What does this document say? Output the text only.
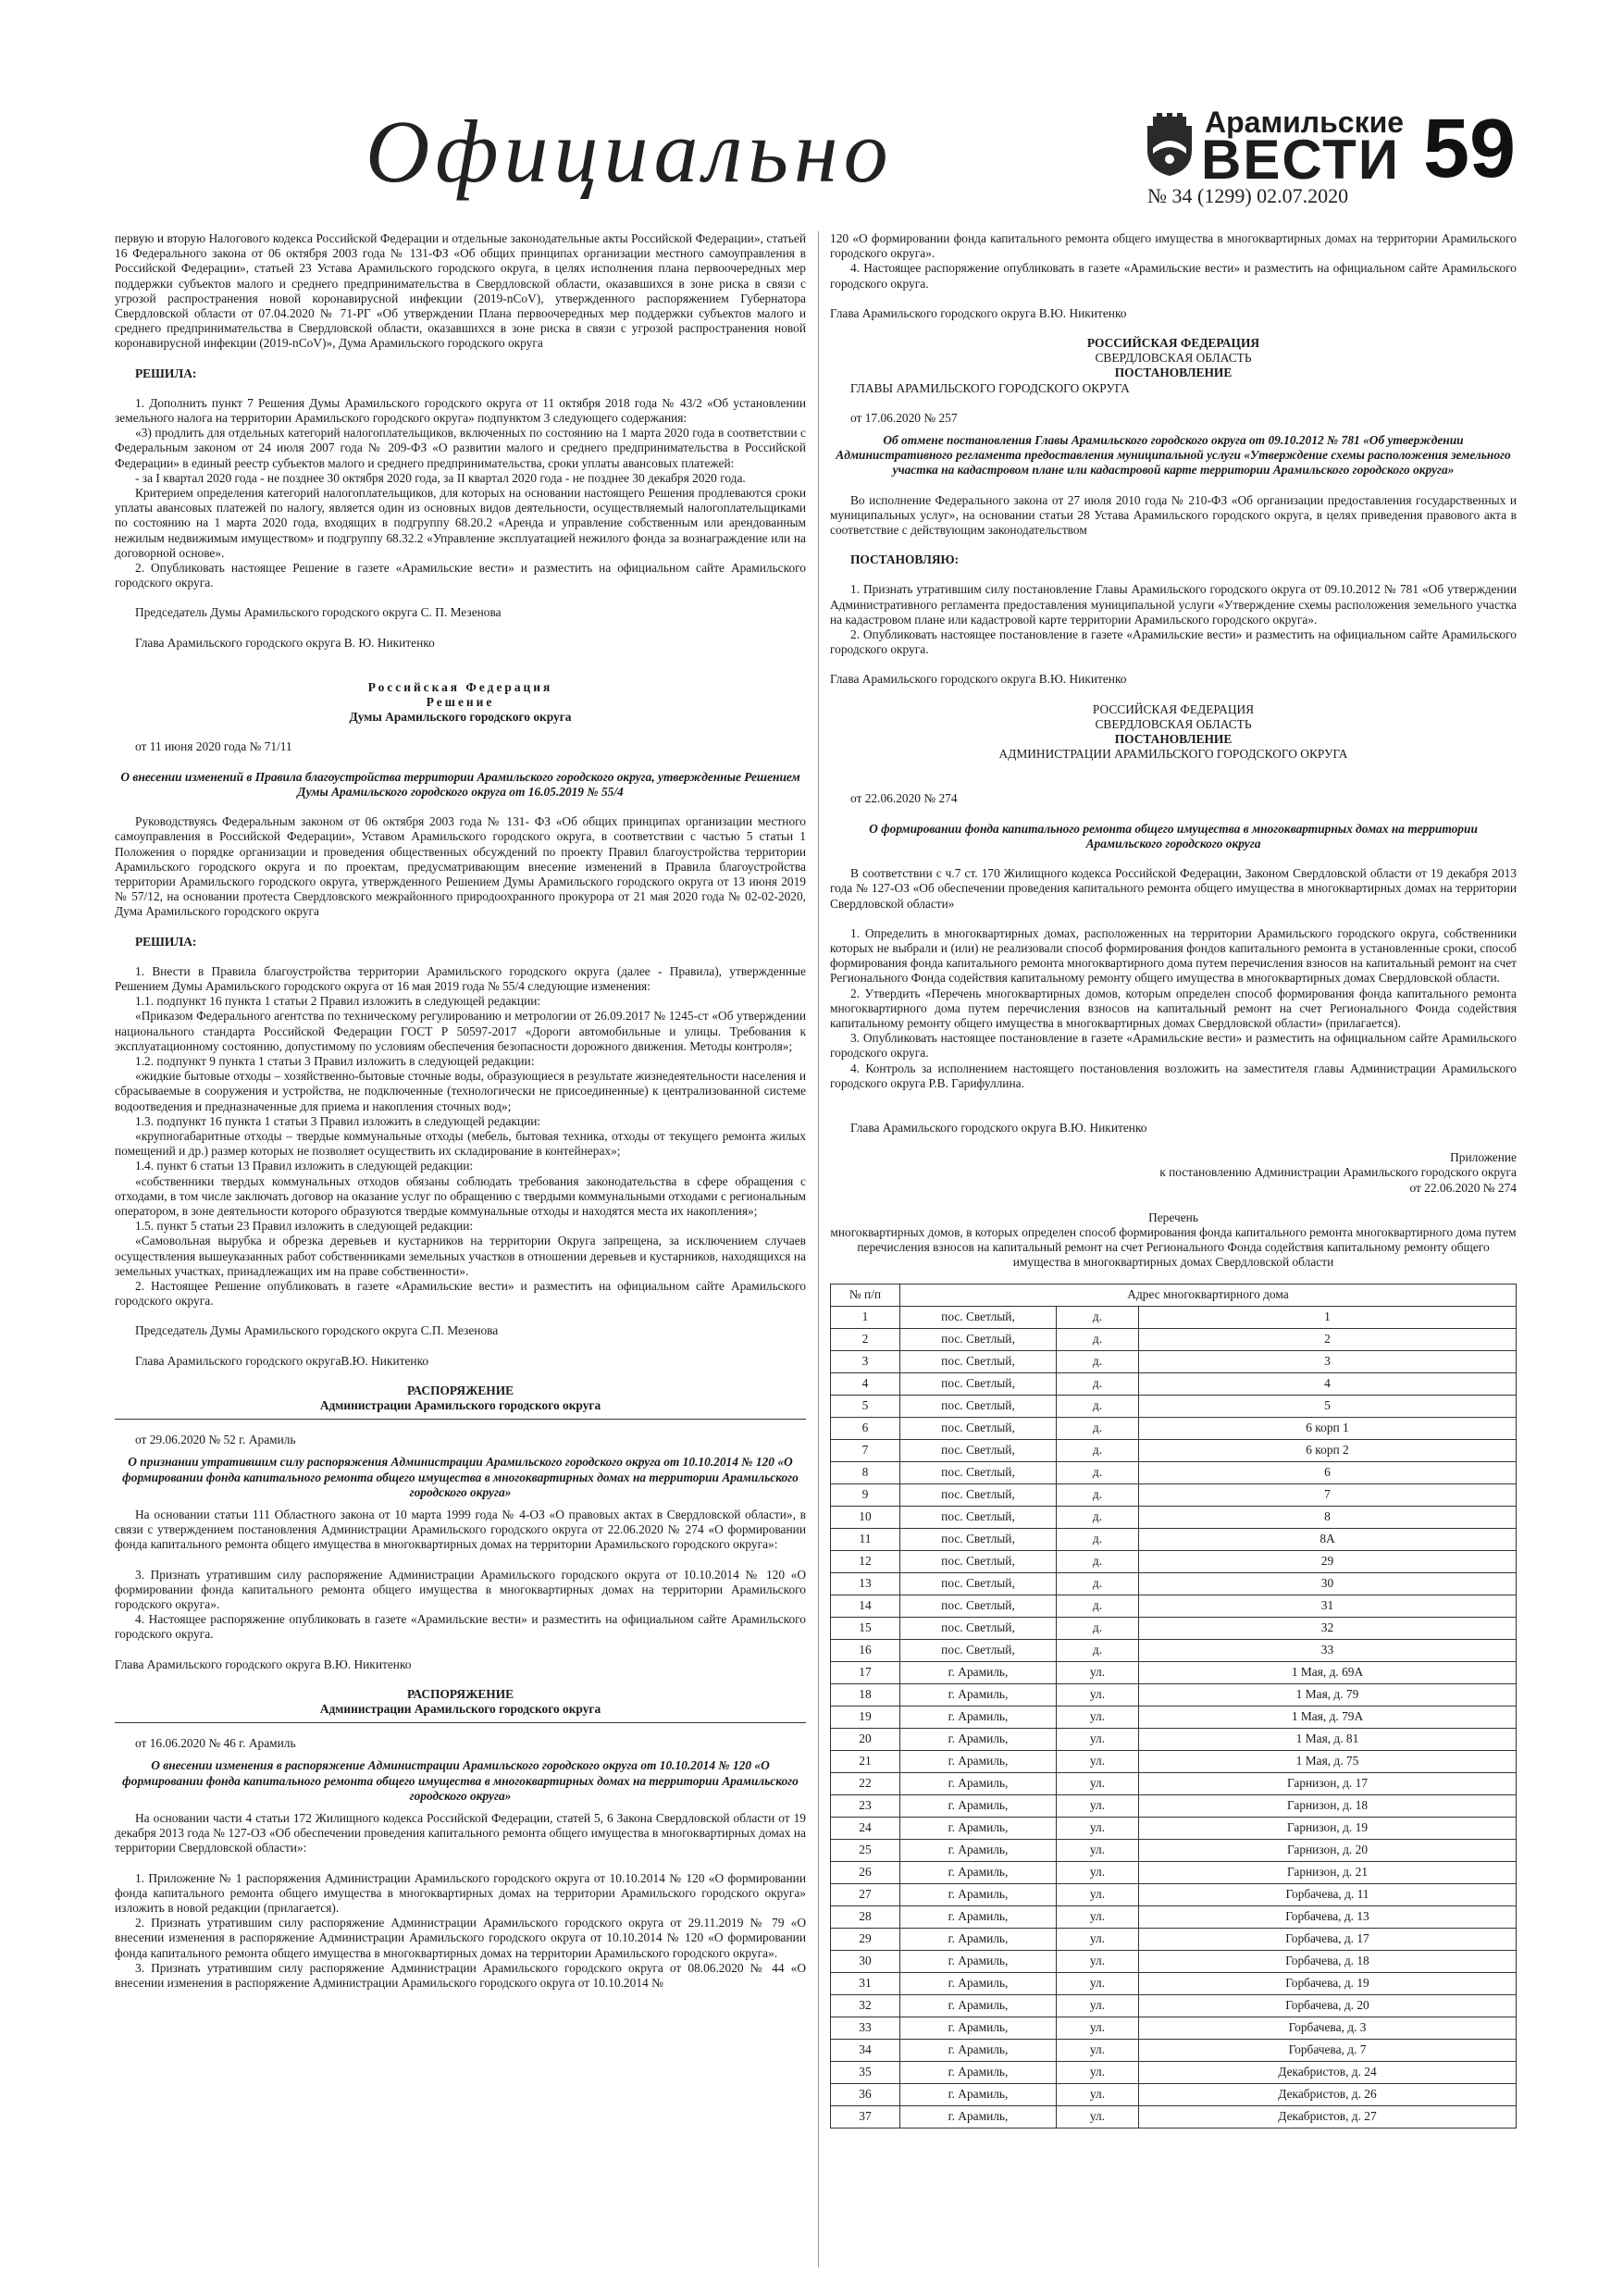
Официально	Арамильские
ВЕСТИ 59
№ 34 (1299) 02.07.2020

первую и вторую Налогового кодекса Российской Федерации и отдельные законодательные акты Российской Федерации», статьей 16 Федерального закона от 06 октября 2003 года № 131-ФЗ «Об общих принципах организации местного самоуправления в Российской Федерации», статьей 23 Устава Арамильского городского округа, в целях исполнения плана первоочередных мер поддержки субъектов малого и среднего предпринимательства в Свердловской области, оказавшихся в зоне риска в связи с угрозой распространения новой коронавирусной инфекции (2019-nCoV), утвержденного распоряжением Губернатора Свердловской области от 07.04.2020 № 71-РГ «Об утверждении Плана первоочередных мер поддержки субъектов малого и среднего предпринимательства в Свердловской области, оказавшихся в зоне риска в связи с угрозой распространения новой коронавирусной инфекции (2019-nCoV)», Дума Арамильского городского округа

РЕШИЛА:

1. Дополнить пункт 7 Решения Думы Арамильского городского округа от 11 октября 2018 года № 43/2 «Об установлении земельного налога на территории Арамильского городского округа» подпунктом 3 следующего содержания:

«3) продлить для отдельных категорий налогоплательщиков, включенных по состоянию на 1 марта 2020 года в соответствии с Федеральным законом от 24 июля 2007 года № 209-ФЗ «О развитии малого и среднего предпринимательства в Российской Федерации» в единый реестр субъектов малого и среднего предпринимательства, сроки уплаты авансовых платежей:

- за I квартал 2020 года - не позднее 30 октября 2020 года, за II квартал 2020 года - не позднее 30 декабря 2020 года.

Критерием определения категорий налогоплательщиков, для которых на основании настоящего Решения продлеваются сроки уплаты авансовых платежей по налогу, является один из основных видов деятельности, осуществляемый налогоплательщиками по состоянию на 1 марта 2020 года, входящих в подгруппу 68.20.2 «Аренда и управление собственным или арендованным нежилым недвижимым имуществом» и подгруппу 68.32.2 «Управление эксплуатацией нежилого фонда за вознаграждение или на договорной основе».

2. Опубликовать настоящее Решение в газете «Арамильские вести» и разместить на официальном сайте Арамильского городского округа.

Председатель Думы Арамильского городского округа С. П. Мезенова

Глава Арамильского городского округа В. Ю. Никитенко

Российская Федерация

Решение

Думы Арамильского городского округа

от 11 июня 2020 года № 71/11

О внесении изменений в Правила благоустройства территории Арамильского городского округа, утвержденные Решением Думы Арамильского городского округа от 16.05.2019 № 55/4

Руководствуясь Федеральным законом от 06 октября 2003 года № 131- ФЗ «Об общих принципах организации местного самоуправления в Российской Федерации», Уставом Арамильского городского округа, в соответствии с частью 5 статьи 1 Положения о порядке организации и проведения общественных обсуждений по проекту Правил благоустройства территории Арамильского городского округа и по проектам, предусматривающим внесение изменений в Правила благоустройства территории Арамильского городского округа, утвержденного Решением Думы Арамильского городского округа от 13 июня 2019 № 57/12, на основании протеста Свердловского межрайонного природоохранного прокурора от 21 мая 2020 года № 02-02-2020, Дума Арамильского городского округа

РЕШИЛА:

1. Внести в Правила благоустройства территории Арамильского городского округа (далее - Правила), утвержденные Решением Думы Арамильского городского округа от 16 мая 2019 года № 55/4 следующие изменения:

1.1. подпункт 16 пункта 1 статьи 2 Правил изложить в следующей редакции:

«Приказом Федерального агентства по техническому регулированию и метрологии от 26.09.2017 № 1245-ст «Об утверждении национального стандарта Российской Федерации ГОСТ Р 50597-2017 «Дороги автомобильные и улицы. Требования к эксплуатационному состоянию, допустимому по условиям обеспечения безопасности дорожного движения. Методы контроля»;

1.2. подпункт 9 пункта 1 статьи 3 Правил изложить в следующей редакции:

«жидкие бытовые отходы – хозяйственно-бытовые сточные воды, образующиеся в результате жизнедеятельности населения и сбрасываемые в сооружения и устройства, не подключенные (технологически не присоединенные) к централизованной системе водоотведения и предназначенные для приема и накопления сточных вод»;

1.3. подпункт 16 пункта 1 статьи 3 Правил изложить в следующей редакции:

«крупногабаритные отходы – твердые коммунальные отходы (мебель, бытовая техника, отходы от текущего ремонта жилых помещений и др.) размер которых не позволяет осуществить их складирование в контейнерах»;

1.4. пункт 6 статьи 13 Правил изложить в следующей редакции:

«собственники твердых коммунальных отходов обязаны соблюдать требования законодательства в сфере обращения с отходами, в том числе заключать договор на оказание услуг по обращению с твердыми коммунальными отходами с региональным оператором, в зоне деятельности которого образуются твердые коммунальные отходы и находятся места их накопления»;

1.5. пункт 5 статьи 23 Правил изложить в следующей редакции:

«Самовольная вырубка и обрезка деревьев и кустарников на территории Округа запрещена, за исключением случаев осуществления вышеуказанных работ собственниками земельных участков в отношении деревьев и кустарников, находящихся на земельных участках, принадлежащих им на праве собственности».

2. Настоящее Решение опубликовать в газете «Арамильские вести» и разместить на официальном сайте Арамильского городского округа.

Председатель Думы Арамильского городского округа С.П. Мезенова

Глава Арамильского городского округаВ.Ю. Никитенко

РАСПОРЯЖЕНИЕ

Администрации Арамильского городского округа

от 29.06.2020 № 52 г. Арамиль

О признании утратившим силу распоряжения Администрации Арамильского городского округа от 10.10.2014 № 120 «О формировании фонда капитального ремонта общего имущества в многоквартирных домах на территории Арамильского городского округа»

На основании статьи 111 Областного закона от 10 марта 1999 года № 4-ОЗ «О правовых актах в Свердловской области», в связи с утверждением постановления Администрации Арамильского городского округа от 22.06.2020 № 274 «О формировании фонда капитального ремонта общего имущества в многоквартирных домах на территории Арамильского городского округа»:

3. Признать утратившим силу распоряжение Администрации Арамильского городского округа от 10.10.2014 № 120 «О формировании фонда капитального ремонта общего имущества в многоквартирных домах на территории Арамильского городского округа».

4. Настоящее распоряжение опубликовать в газете «Арамильские вести» и разместить на официальном сайте Арамильского городского округа.

Глава Арамильского городского округа В.Ю. Никитенко

РАСПОРЯЖЕНИЕ

Администрации Арамильского городского округа

от 16.06.2020 № 46 г. Арамиль

О внесении изменения в распоряжение Администрации Арамильского городского округа от 10.10.2014 № 120 «О формировании фонда капитального ремонта общего имущества в многоквартирных домах на территории Арамильского городского округа»

На основании части 4 статьи 172 Жилищного кодекса Российской Федерации, статей 5, 6 Закона Свердловской области от 19 декабря 2013 года № 127-ОЗ «Об обеспечении проведения капитального ремонта общего имущества в многоквартирных домах на территории Свердловской области»:

1. Приложение № 1 распоряжения Администрации Арамильского городского округа от 10.10.2014 № 120 «О формировании фонда капитального ремонта общего имущества в многоквартирных домах на территории Арамильского городского округа» изложить в новой редакции (прилагается).

2. Признать утратившим силу распоряжение Администрации Арамильского городского округа от 29.11.2019 № 79 «О внесении изменения в распоряжение Администрации Арамильского городского округа от 10.10.2014 № 120 «О формировании фонда капитального ремонта общего имущества в многоквартирных домах на территории Арамильского городского округа».

3. Признать утратившим силу распоряжение Администрации Арамильского городского округа от 08.06.2020 № 44 «О внесении изменения в распоряжение Администрации Арамильского городского округа от 10.10.2014 №

120 «О формировании фонда капитального ремонта общего имущества в многоквартирных домах на территории Арамильского городского округа».

4. Настоящее распоряжение опубликовать в газете «Арамильские вести» и разместить на официальном сайте Арамильского городского округа.

Глава Арамильского городского округа В.Ю. Никитенко

РОССИЙСКАЯ ФЕДЕРАЦИЯ

СВЕРДЛОВСКАЯ ОБЛАСТЬ

ПОСТАНОВЛЕНИЕ

ГЛАВЫ АРАМИЛЬСКОГО ГОРОДСКОГО ОКРУГА

от 17.06.2020 № 257

Об отмене постановления Главы Арамильского городского округа от 09.10.2012 № 781 «Об утверждении Административного регламента предоставления муниципальной услуги «Утверждение схемы расположения земельного участка на кадастровом плане или кадастровой карте территории Арамильского городского округа»

Во исполнение Федерального закона от 27 июля 2010 года № 210-ФЗ «Об организации предоставления государственных и муниципальных услуг», на основании статьи 28 Устава Арамильского городского округа, в целях приведения правового акта в соответствие с действующим законодательством

ПОСТАНОВЛЯЮ:

1. Признать утратившим силу постановление Главы Арамильского городского округа от 09.10.2012 № 781 «Об утверждении Административного регламента предоставления муниципальной услуги «Утверждение схемы расположения земельного участка на кадастровом плане или кадастровой карте территории Арамильского городского округа».

2. Опубликовать настоящее постановление в газете «Арамильские вести» и разместить на официальном сайте Арамильского городского округа.

Глава Арамильского городского округа В.Ю. Никитенко

РОССИЙСКАЯ ФЕДЕРАЦИЯ

СВЕРДЛОВСКАЯ ОБЛАСТЬ

ПОСТАНОВЛЕНИЕ

АДМИНИСТРАЦИИ АРАМИЛЬСКОГО ГОРОДСКОГО ОКРУГА

от 22.06.2020 № 274

О формировании фонда капитального ремонта общего имущества в многоквартирных домах на территории Арамильского городского округа

В соответствии с ч.7 ст. 170 Жилищного кодекса Российской Федерации, Законом Свердловской области от 19 декабря 2013 года № 127-ОЗ «Об обеспечении проведения капитального ремонта общего имущества в многоквартирных домах на территории Свердловской области»

1. Определить в многоквартирных домах, расположенных на территории Арамильского городского округа, собственники которых не выбрали и (или) не реализовали способ формирования фондов капитального ремонта в установленные сроки, способ формирования фонда капитального ремонта многоквартирного дома путем перечисления взносов на капитальный ремонт на счет Регионального Фонда содействия капитальному ремонту общего имущества в многоквартирных домах Свердловской области.

2. Утвердить «Перечень многоквартирных домов, которым определен способ формирования фонда капитального ремонта многоквартирного дома путем перечисления взносов на капитальный ремонт на счет Регионального Фонда содействия капитальному ремонту общего имущества в многоквартирных домах Свердловской области» (прилагается).

3. Опубликовать настоящее постановление в газете «Арамильские вести» и разместить на официальном сайте Арамильского городского округа.

4. Контроль за исполнением настоящего постановления возложить на заместителя главы Администрации Арамильского городского округа Р.В. Гарифуллина.

Глава Арамильского городского округа В.Ю. Никитенко

Приложение

к постановлению Администрации Арамильского городского округа

от 22.06.2020 № 274

Перечень

многоквартирных домов, в которых определен способ формирования фонда капитального ремонта многоквартирного дома путем перечисления взносов на капитальный ремонт на счет Регионального Фонда содействия капитальному ремонту общего имущества в многоквартирных домах Свердловской области

№ п/п	Адрес многоквартирного дома		
1	пос. Светлый,	д.	1
2	пос. Светлый,	д.	2
3	пос. Светлый,	д.	3
4	пос. Светлый,	д.	4
5	пос. Светлый,	д.	5
6	пос. Светлый,	д.	6 корп 1
7	пос. Светлый,	д.	6 корп 2
8	пос. Светлый,	д.	6
9	пос. Светлый,	д.	7
10	пос. Светлый,	д.	8
11	пос. Светлый,	д.	8А
12	пос. Светлый,	д.	29
13	пос. Светлый,	д.	30
14	пос. Светлый,	д.	31
15	пос. Светлый,	д.	32
16	пос. Светлый,	д.	33
17	г. Арамиль,	ул.	1 Мая, д. 69А
18	г. Арамиль,	ул.	1 Мая, д. 79
19	г. Арамиль,	ул.	1 Мая, д. 79А
20	г. Арамиль,	ул.	1 Мая, д. 81
21	г. Арамиль,	ул.	1 Мая, д. 75
22	г. Арамиль,	ул.	Гарнизон, д. 17
23	г. Арамиль,	ул.	Гарнизон, д. 18
24	г. Арамиль,	ул.	Гарнизон, д. 19
25	г. Арамиль,	ул.	Гарнизон, д. 20
26	г. Арамиль,	ул.	Гарнизон, д. 21
27	г. Арамиль,	ул.	Горбачева, д. 11
28	г. Арамиль,	ул.	Горбачева, д. 13
29	г. Арамиль,	ул.	Горбачева, д. 17
30	г. Арамиль,	ул.	Горбачева, д. 18
31	г. Арамиль,	ул.	Горбачева, д. 19
32	г. Арамиль,	ул.	Горбачева, д. 20
33	г. Арамиль,	ул.	Горбачева, д. 3
34	г. Арамиль,	ул.	Горбачева, д. 7
35	г. Арамиль,	ул.	Декабристов, д. 24
36	г. Арамиль,	ул.	Декабристов, д. 26
37	г. Арамиль,	ул.	Декабристов, д. 27
